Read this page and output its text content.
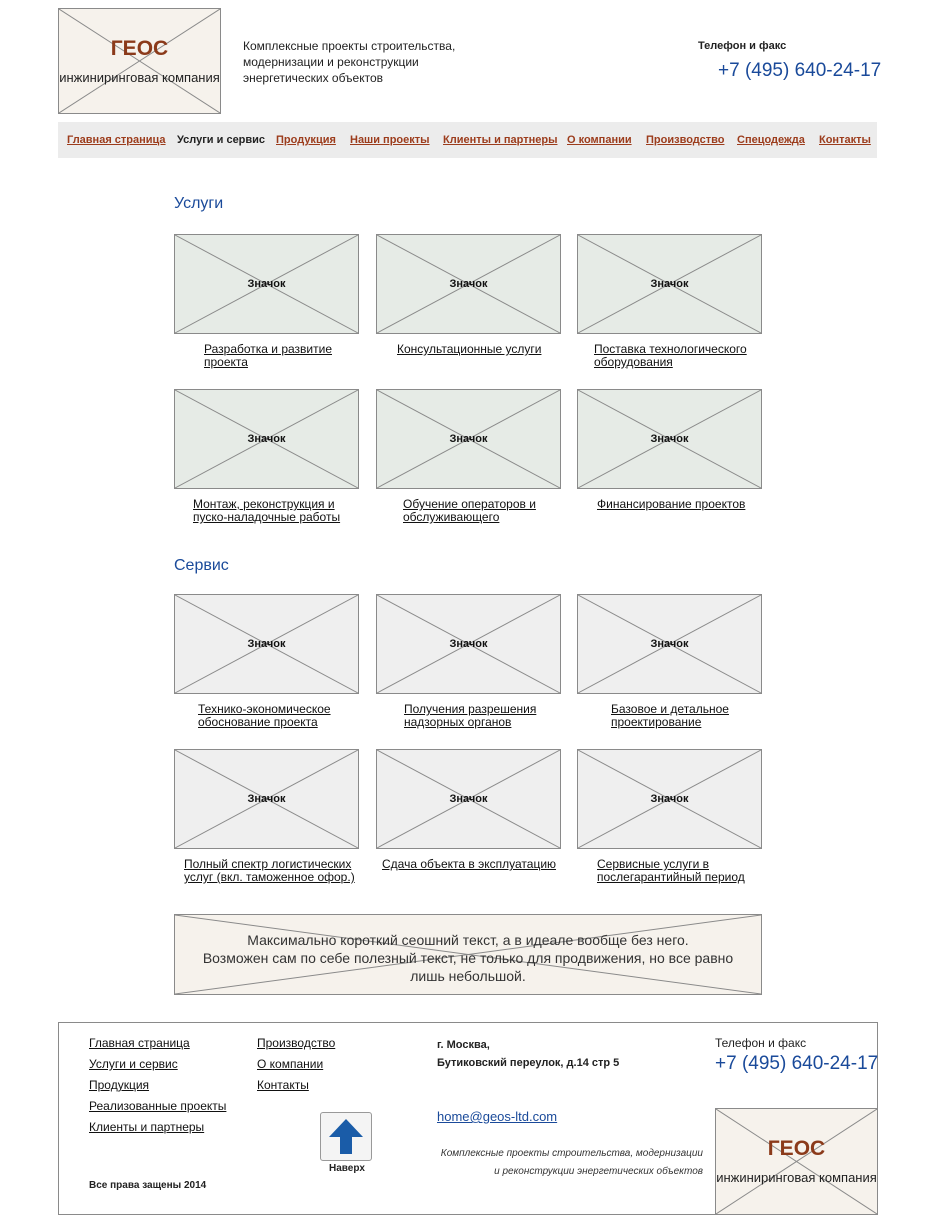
ГЕОС
инжиниринговая компания
Комплексные проекты строительства,
модернизации и реконструкции
энергетических объектов
Телефон и факс
+7 (495) 640-24-17
Главная страница Услуги и сервис Продукция Наши проекты Клиенты и партнеры О компании Производство Спецодежда Контакты
Услуги
Значок
Разработка и развитие
проекта
Значок
Консультационные услуги
Значок
Поставка технологического
оборудования
Значок
Монтаж, реконструкция и
пуско-наладочные работы
Значок
Обучение операторов и
обслуживающего
Значок
Финансирование проектов
Сервис
Значок
Технико-экономическое
обоснование проекта
Значок
Получения разрешения
надзорных органов
Значок
Базовое и детальное
проектирование
Значок
Полный спектр логистических
услуг (вкл. таможенное офор.)
Значок
Сдача объекта в эксплуатацию
Значок
Сервисные услуги в
послегарантийный период
Максимально короткий сеошний текст, а в идеале вообще без него.
Возможен сам по себе полезный текст, не только для продвижения, но все равно
лишь небольшой.
Главная страница
Услуги и сервис
Продукция
Реализованные проекты
Клиенты и партнеры
Производство
О компании
Контакты
г. Москва,
Бутиковский переулок, д.14 стр 5
home@geos-ltd.com
Комплексные проекты строительства, модернизации
и реконструкции энергетических объектов
Телефон и факс
+7 (495) 640-24-17
Наверх
Все права защены 2014
ГЕОС
инжиниринговая компания
